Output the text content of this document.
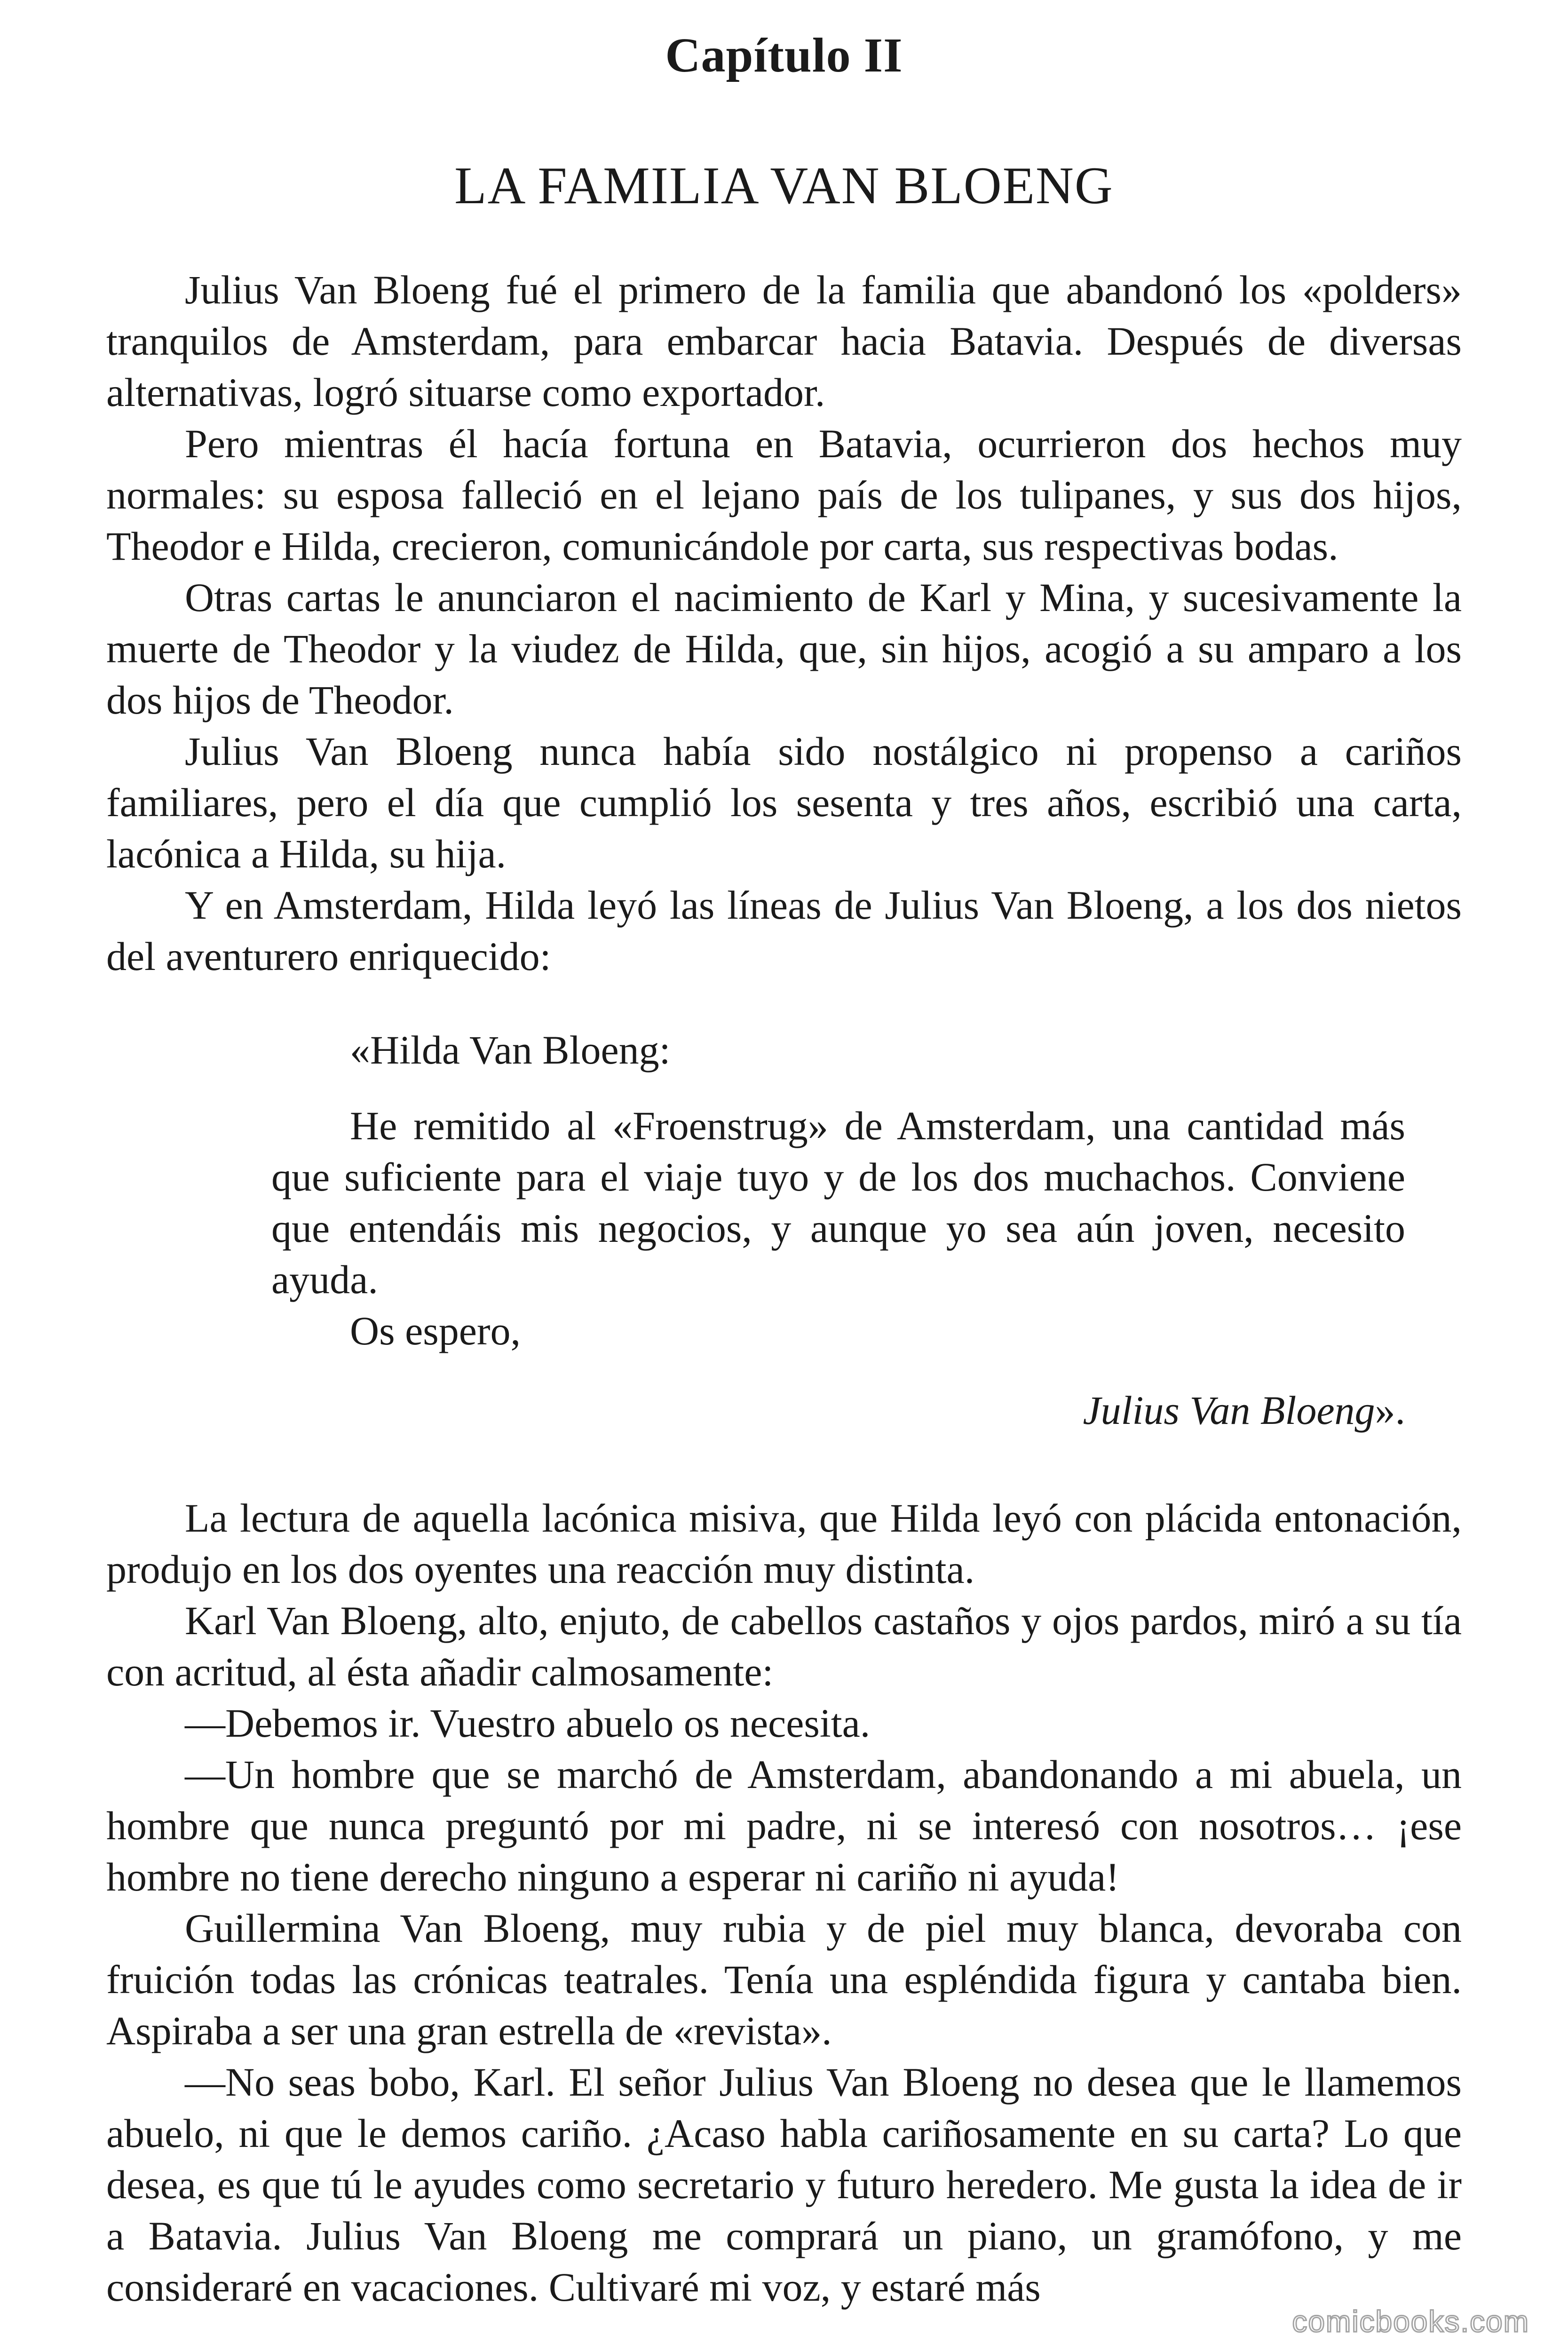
Capítulo II
LA FAMILIA VAN BLOENG

Julius Van Bloeng fué el primero de la familia que abandonó los «polders» tranquilos de Amsterdam, para embarcar hacia Batavia. Después de diversas alternativas, logró situarse como exportador.

Pero mientras él hacía fortuna en Batavia, ocurrieron dos hechos muy normales: su esposa falleció en el lejano país de los tulipanes, y sus dos hijos, Theodor e Hilda, crecieron, comunicándole por carta, sus respectivas bodas.

Otras cartas le anunciaron el nacimiento de Karl y Mina, y sucesivamente la muerte de Theodor y la viudez de Hilda, que, sin hijos, acogió a su amparo a los dos hijos de Theodor.

Julius Van Bloeng nunca había sido nostálgico ni propenso a cariños familiares, pero el día que cumplió los sesenta y tres años, escribió una carta, lacónica a Hilda, su hija.

Y en Amsterdam, Hilda leyó las líneas de Julius Van Bloeng, a los dos nietos del aventurero enriquecido:

«Hilda Van Bloeng:

He remitido al «Froenstrug» de Amsterdam, una cantidad más que suficiente para el viaje tuyo y de los dos muchachos. Conviene que entendáis mis negocios, y aunque yo sea aún joven, necesito ayuda.

Os espero,

Julius Van Bloeng».

La lectura de aquella lacónica misiva, que Hilda leyó con plácida entonación, produjo en los dos oyentes una reacción muy distinta.

Karl Van Bloeng, alto, enjuto, de cabellos castaños y ojos pardos, miró a su tía con acritud, al ésta añadir calmosamente:

—Debemos ir. Vuestro abuelo os necesita.

—Un hombre que se marchó de Amsterdam, abandonando a mi abuela, un hombre que nunca preguntó por mi padre, ni se interesó con nosotros… ¡ese hombre no tiene derecho ninguno a esperar ni cariño ni ayuda!

Guillermina Van Bloeng, muy rubia y de piel muy blanca, devoraba con fruición todas las crónicas teatrales. Tenía una espléndida figura y cantaba bien. Aspiraba a ser una gran estrella de «revista».

—No seas bobo, Karl. El señor Julius Van Bloeng no desea que le llamemos abuelo, ni que le demos cariño. ¿Acaso habla cariñosamente en su carta? Lo que desea, es que tú le ayudes como secretario y futuro heredero. Me gusta la idea de ir a Batavia. Julius Van Bloeng me comprará un piano, un gramófono, y me consideraré en vacaciones. Cultivaré mi voz, y estaré más

comicbooks.com
